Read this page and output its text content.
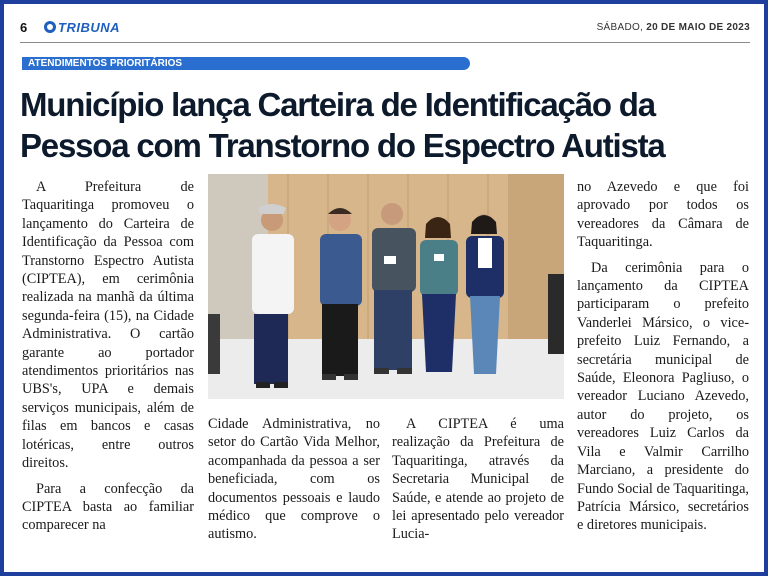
6 TRIBUNA	SÁBADO, 20 DE MAIO DE 2023
ATENDIMENTOS PRIORITÁRIOS
Município lança Carteira de Identificação da
Pessoa com Transtorno do Espectro Autista

A Prefeitura de Taquaritinga promoveu o lançamento do Carteira de Identificação da Pessoa com Transtorno Espectro Autista (CIPTEA), em cerimônia realizada na manhã da última segunda-feira (15), na Cidade Administrativa. O cartão garante ao portador atendimentos prioritários nas UBS's, UPA e demais serviços municipais, além de filas em bancos e casas lotéricas, entre outros direitos.

Para a confecção da CIPTEA basta ao familiar comparecer na

Cidade Administrativa, no setor do Cartão Vida Melhor, acompanhada da pessoa a ser beneficiada, com os documentos pessoais e laudo médico que comprove o autismo.

A CIPTEA é uma realização da Prefeitura de Taquaritinga, através da Secretaria Municipal de Saúde, e atende ao projeto de lei apresentado pelo vereador Lucia-

no Azevedo e que foi aprovado por todos os vereadores da Câmara de Taquaritinga.

Da cerimônia para o lançamento da CIPTEA participaram o prefeito Vanderlei Mársico, o vice-prefeito Luiz Fernando, a secretária municipal de Saúde, Eleonora Pagliuso, o vereador Luciano Azevedo, autor do projeto, os vereadores Luiz Carlos da Vila e Valmir Carrilho Marciano, a presidente do Fundo Social de Taquaritinga, Patrícia Mársico, secretários e diretores municipais.
